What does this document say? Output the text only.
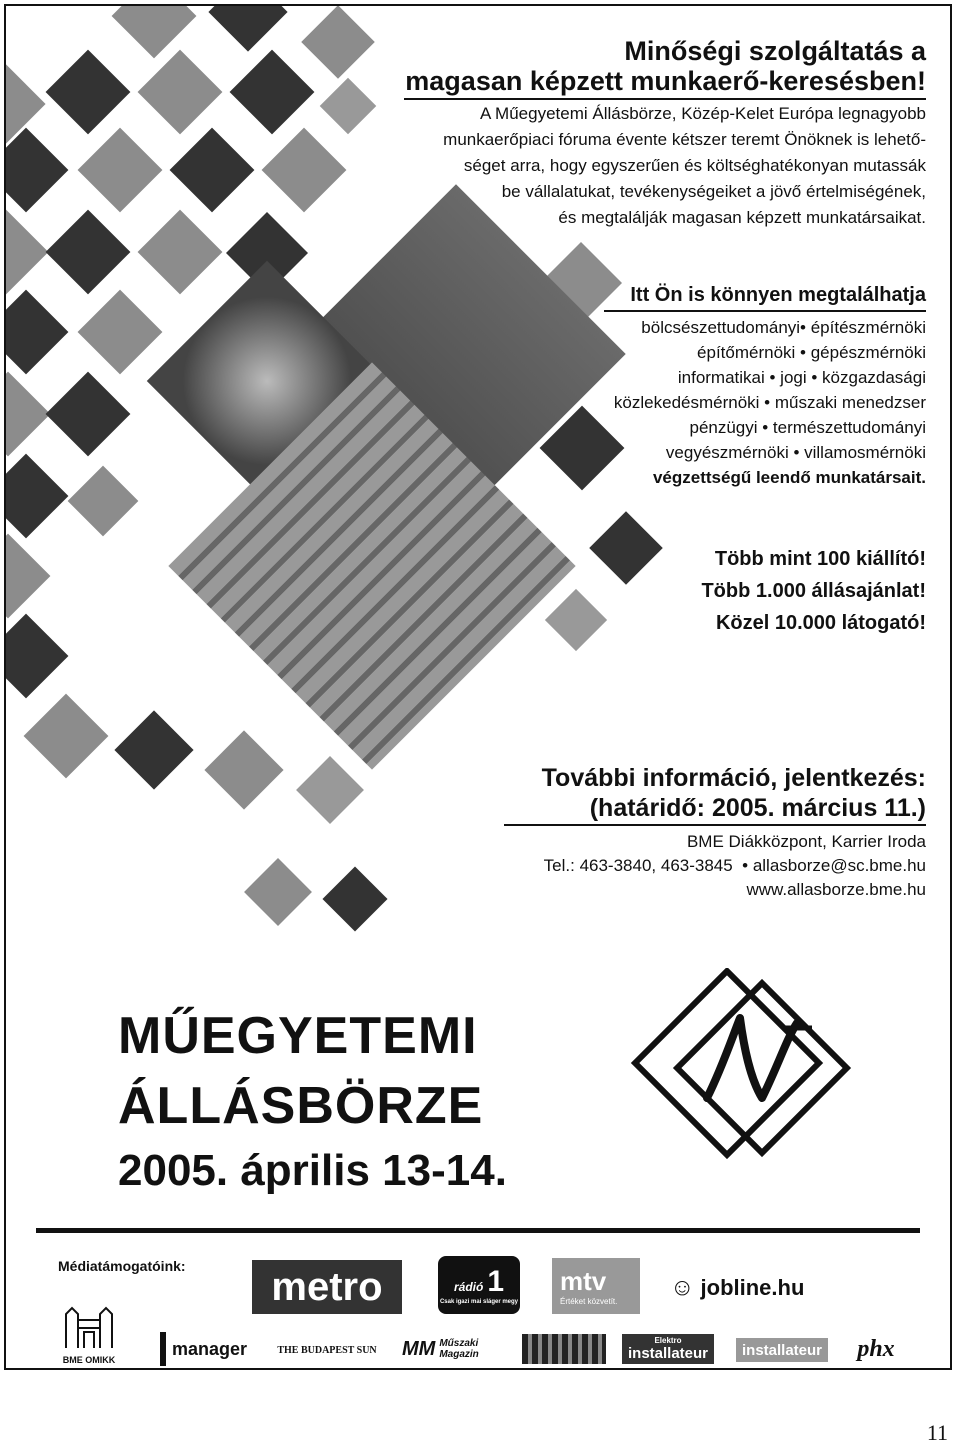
Minőségi szolgáltatás a
magasan képzett munkaerő-keresésben!
A Műegyetemi Állásbörze, Közép-Kelet Európa legnagyobb
munkaerőpiaci fóruma évente kétszer teremt Önöknek is lehető-
séget arra, hogy egyszerűen és költséghatékonyan mutassák
be vállalatukat, tevékenységeiket a jövő értelmiségének,
és megtalálják magasan képzett munkatársaikat.
Itt Ön is könnyen megtalálhatja
bölcsészettudományi• építészmérnöki
építőmérnöki • gépészmérnöki
informatikai • jogi • közgazdasági
közlekedésmérnöki • műszaki menedzser
pénzügyi • természettudományi
vegyészmérnöki • villamosmérnöki
végzettségű leendő munkatársait.
Több mint 100 kiállító!
Több 1.000 állásajánlat!
Közel 10.000 látogató!
További információ, jelentkezés:
(határidő: 2005. március 11.)
BME Diákközpont, Karrier Iroda
Tel.: 463-3840, 463-3845  • allasborze@sc.bme.hu
www.allasborze.bme.hu
MŰEGYETEMI
ÁLLÁSBÖRZE
2005. április 13-14.
Médiatámogatóink: metro	rádió 1
Csak igazi mai sláger megy
mtv
Értéket közvetít.
☺ jobline.hu
BME OMIKK
manager	THE BUDAPEST SUN MM Műszaki
Magazin
Elektro
installateur installateur phx
11
